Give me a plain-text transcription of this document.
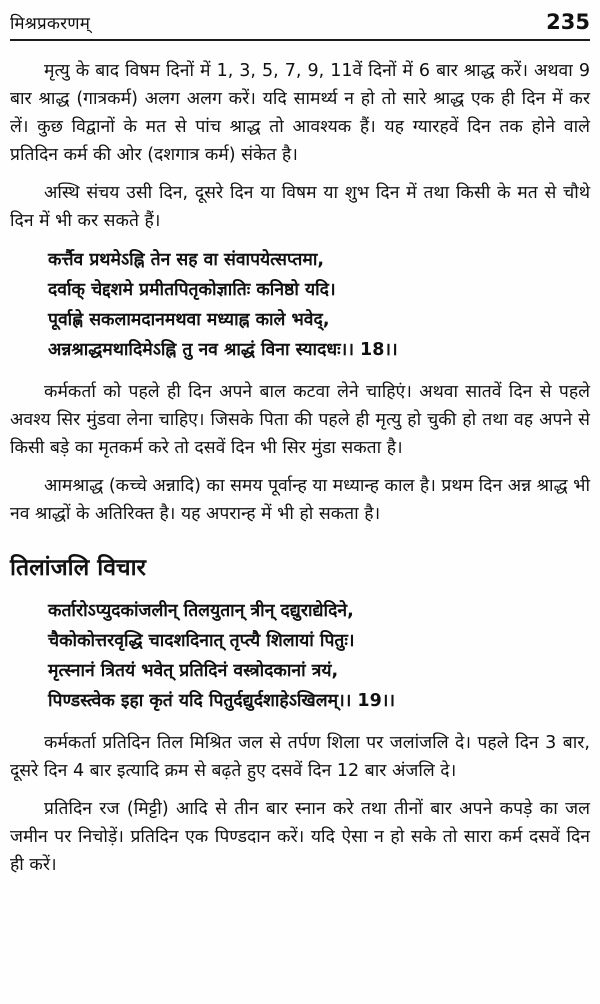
मिश्रप्रकरणम्	235

मृत्यु के बाद विषम दिनों में 1, 3, 5, 7, 9, 11वें दिनों में 6 बार श्राद्ध करें। अथवा 9 बार श्राद्ध (गात्रकर्म) अलग अलग करें। यदि सामर्थ्य न हो तो सारे श्राद्ध एक ही दिन में कर लें। कुछ विद्वानों के मत से पांच श्राद्ध तो आवश्यक हैं। यह ग्यारहवें दिन तक होने वाले प्रतिदिन कर्म की ओर (दशगात्र कर्म) संकेत है।

अस्थि संचय उसी दिन, दूसरे दिन या विषम या शुभ दिन में तथा किसी के मत से चौथे दिन में भी कर सकते हैं।

कर्त्तैव प्रथमेऽह्नि तेन सह वा संवापयेत्सप्तमा,
दर्वाक् चेद्दशमे प्रमीतपितृकोज्ञातिः कनिष्ठो यदि।
पूर्वाह्णे सकलामदानमथवा मध्याह्न काले भवेद्,
अन्नश्राद्धमथादिमेऽह्नि तु नव श्राद्धं विना स्यादधः।। 18।।

कर्मकर्ता को पहले ही दिन अपने बाल कटवा लेने चाहिएं। अथवा सातवें दिन से पहले अवश्य सिर मुंडवा लेना चाहिए। जिसके पिता की पहले ही मृत्यु हो चुकी हो तथा वह अपने से किसी बड़े का मृतकर्म करे तो दसवें दिन भी सिर मुंडा सकता है।

आमश्राद्ध (कच्चे अन्नादि) का समय पूर्वान्ह या मध्यान्ह काल है। प्रथम दिन अन्न श्राद्ध भी नव श्राद्धों के अतिरिक्त है। यह अपरान्ह में भी हो सकता है।

तिलांजलि विचार
कर्तारोऽप्युदकांजलीन् तिलयुतान् त्रीन् दद्युराद्येदिने,
चैकोकोत्तरवृद्धि चादशदिनात् तृप्त्यै शिलायां पितुः।
मृत्स्नानं त्रितयं भवेत् प्रतिदिनं वस्त्रोदकानां त्रयं,
पिण्डस्त्वेक इहा कृतं यदि पितुर्दद्युर्दशाहेऽखिलम्।। 19।।

कर्मकर्ता प्रतिदिन तिल मिश्रित जल से तर्पण शिला पर जलांजलि दे। पहले दिन 3 बार, दूसरे दिन 4 बार इत्यादि क्रम से बढ़ते हुए दसवें दिन 12 बार अंजलि दे।

प्रतिदिन रज (मिट्टी) आदि से तीन बार स्नान करे तथा तीनों बार अपने कपड़े का जल जमीन पर निचोड़ें। प्रतिदिन एक पिण्डदान करें। यदि ऐसा न हो सके तो सारा कर्म दसवें दिन ही करें।
